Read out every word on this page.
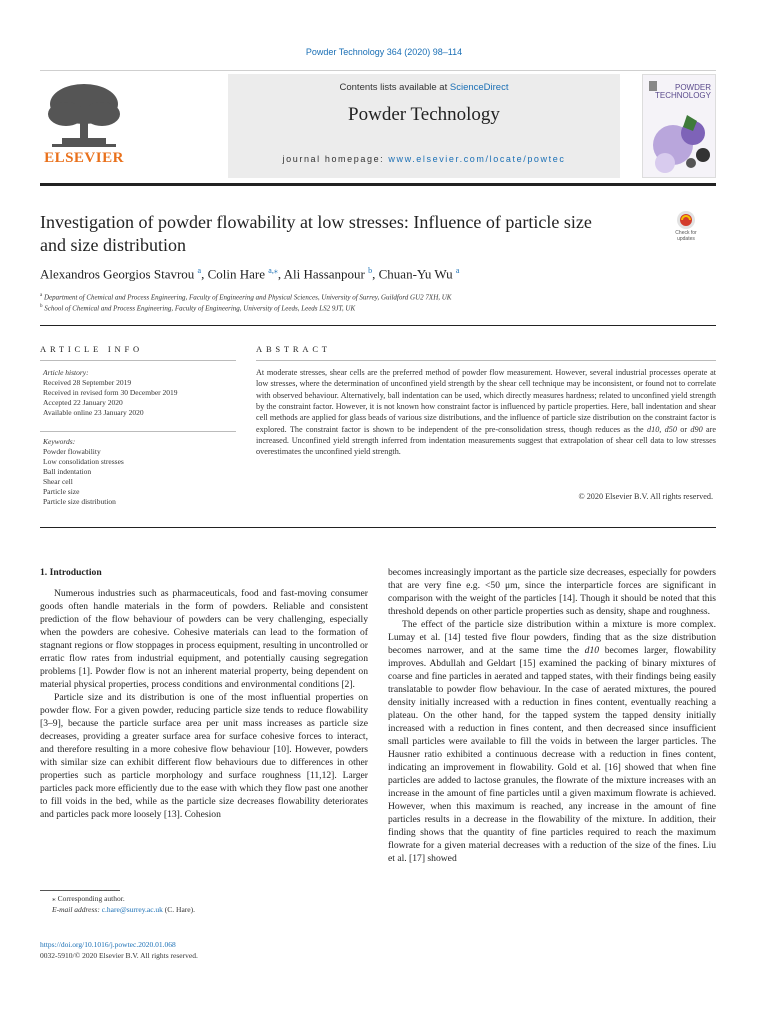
Powder Technology 364 (2020) 98–114
ELSEVIER
Contents lists available at ScienceDirect
Powder Technology
journal homepage: www.elsevier.com/locate/powtec
POWDER
TECHNOLOGY
Investigation of powder flowability at low stresses: Influence of particle size and size distribution
Check for
updates
Alexandros Georgios Stavrou $^a$, Colin Hare $^{a,⁎}$, Ali Hassanpour $^b$, Chuan-Yu Wu $^a$
$^a$ Department of Chemical and Process Engineering, Faculty of Engineering and Physical Sciences, University of Surrey, Guildford GU2 7XH, UK
$^b$ School of Chemical and Process Engineering, Faculty of Engineering, University of Leeds, Leeds LS2 9JT, UK
ARTICLE INFO
Article history:
Received 28 September 2019
Received in revised form 30 December 2019
Accepted 22 January 2020
Available online 23 January 2020
Keywords:
Powder flowability
Low consolidation stresses
Ball indentation
Shear cell
Particle size
Particle size distribution
ABSTRACT
At moderate stresses, shear cells are the preferred method of powder flow measurement. However, several industrial processes operate at low stresses, where the determination of unconfined yield strength by the shear cell technique may be inconsistent, or found not to correlate with observed behaviour. Alternatively, ball indentation can be used, which directly measures hardness; related to unconfined yield strength by the constraint factor. However, it is not known how constraint factor is influenced by particle properties. Here, ball indentation and shear cell methods are applied for glass beads of various size distributions, and the influence of particle size distribution on the constraint factor is explored. The constraint factor is shown to be independent of the pre-consolidation stress, though reduces as the d10, d50 or d90 are increased. Unconfined yield strength inferred from indentation measurements suggest that extrapolation of shear cell data to low stresses overestimates the unconfined yield strength.
© 2020 Elsevier B.V. All rights reserved.
1. Introduction

Numerous industries such as pharmaceuticals, food and fast-moving consumer goods often handle materials in the form of powders. Reliable and consistent prediction of the flow behaviour of powders can be very challenging, especially when the powders are cohesive. Cohesive materials can lead to the formation of stagnant regions or flow stoppages in process equipment, resulting in uncontrolled or erratic flow rates from industrial equipment, and potentially causing segregation problems [1]. Powder flow is not an inherent material property, being dependent on material physical properties, process conditions and environmental conditions [2].

Particle size and its distribution is one of the most influential properties on powder flow. For a given powder, reducing particle size tends to reduce flowability [3–9], because the particle surface area per unit mass increases as particle size decreases, providing a greater surface area for surface cohesive forces to interact, and therefore resulting in a more cohesive flow behaviour [10]. However, powders with similar size can exhibit different flow behaviours due to differences in other properties such as particle morphology and surface roughness [11,12]. Larger particles pack more efficiently due to the ease with which they flow past one another to fill voids in the bed, while as the particle size decreases flowability deteriorates and particles pack more loosely [13]. Cohesion

becomes increasingly important as the particle size decreases, especially for powders that are very fine e.g. <50 μm, since the interparticle forces are significant in comparison with the weight of the particles [14]. Though it should be noted that this threshold depends on other particle properties such as density, shape and roughness.

The effect of the particle size distribution within a mixture is more complex. Lumay et al. [14] tested five flour powders, finding that as the size distribution becomes narrower, and at the same time the d10 becomes larger, flowability improves. Abdullah and Geldart [15] examined the packing of binary mixtures of coarse and fine particles in aerated and tapped states, with their findings being easily translatable to powder flow behaviour. In the case of aerated mixtures, the poured density initially increased with a reduction in fines content, eventually reaching a plateau. On the other hand, for the tapped system the tapped density initially increased with a reduction in fines content, and then decreased since insufficient small particles were available to fill the voids in between the larger particles. The Hausner ratio exhibited a continuous decrease with a reduction in fines content, indicating an improvement in flowability. Gold et al. [16] showed that when fine particles are added to lactose granules, the flowrate of the mixture increases with an increase in the amount of fine particles until a given maximum flowrate is achieved. However, when this maximum is reached, any increase in the amount of fine particles results in a decrease in the flowability of the mixture. In addition, their finding shows that the quantity of fine particles required to reach the maximum flowrate for a given material decreases with a reduction of the size of the fines. Liu et al. [17] showed

⁎ Corresponding author.
E-mail address: c.hare@surrey.ac.uk (C. Hare).
https://doi.org/10.1016/j.powtec.2020.01.068
0032-5910/© 2020 Elsevier B.V. All rights reserved.
